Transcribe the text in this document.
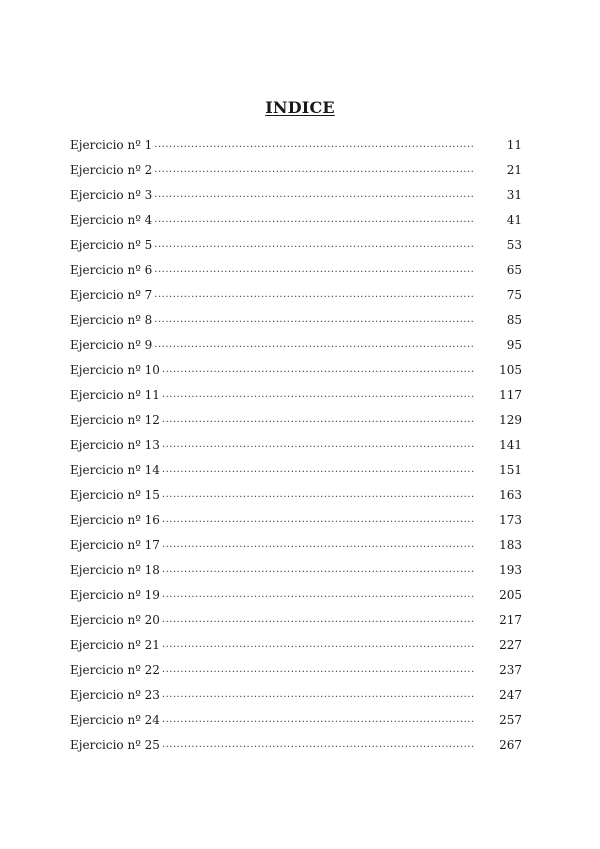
INDICE
Ejercicio nº 1 .....	11
Ejercicio nº 2 .....	21
Ejercicio nº 3 .....	31
Ejercicio nº 4 .....	41
Ejercicio nº 5 .....	53
Ejercicio nº 6 .....	65
Ejercicio nº 7 .....	75
Ejercicio nº 8 .....	85
Ejercicio nº 9 .....	95
Ejercicio nº 10 .....	105
Ejercicio nº 11 .....	117
Ejercicio nº 12 .....	129
Ejercicio nº 13 .....	141
Ejercicio nº 14 .....	151
Ejercicio nº 15 .....	163
Ejercicio nº 16 .....	173
Ejercicio nº 17 .....	183
Ejercicio nº 18 .....	193
Ejercicio nº 19 .....	205
Ejercicio nº 20 .....	217
Ejercicio nº 21 .....	227
Ejercicio nº 22 .....	237
Ejercicio nº 23 .....	247
Ejercicio nº 24 .....	257
Ejercicio nº 25 .....	267
